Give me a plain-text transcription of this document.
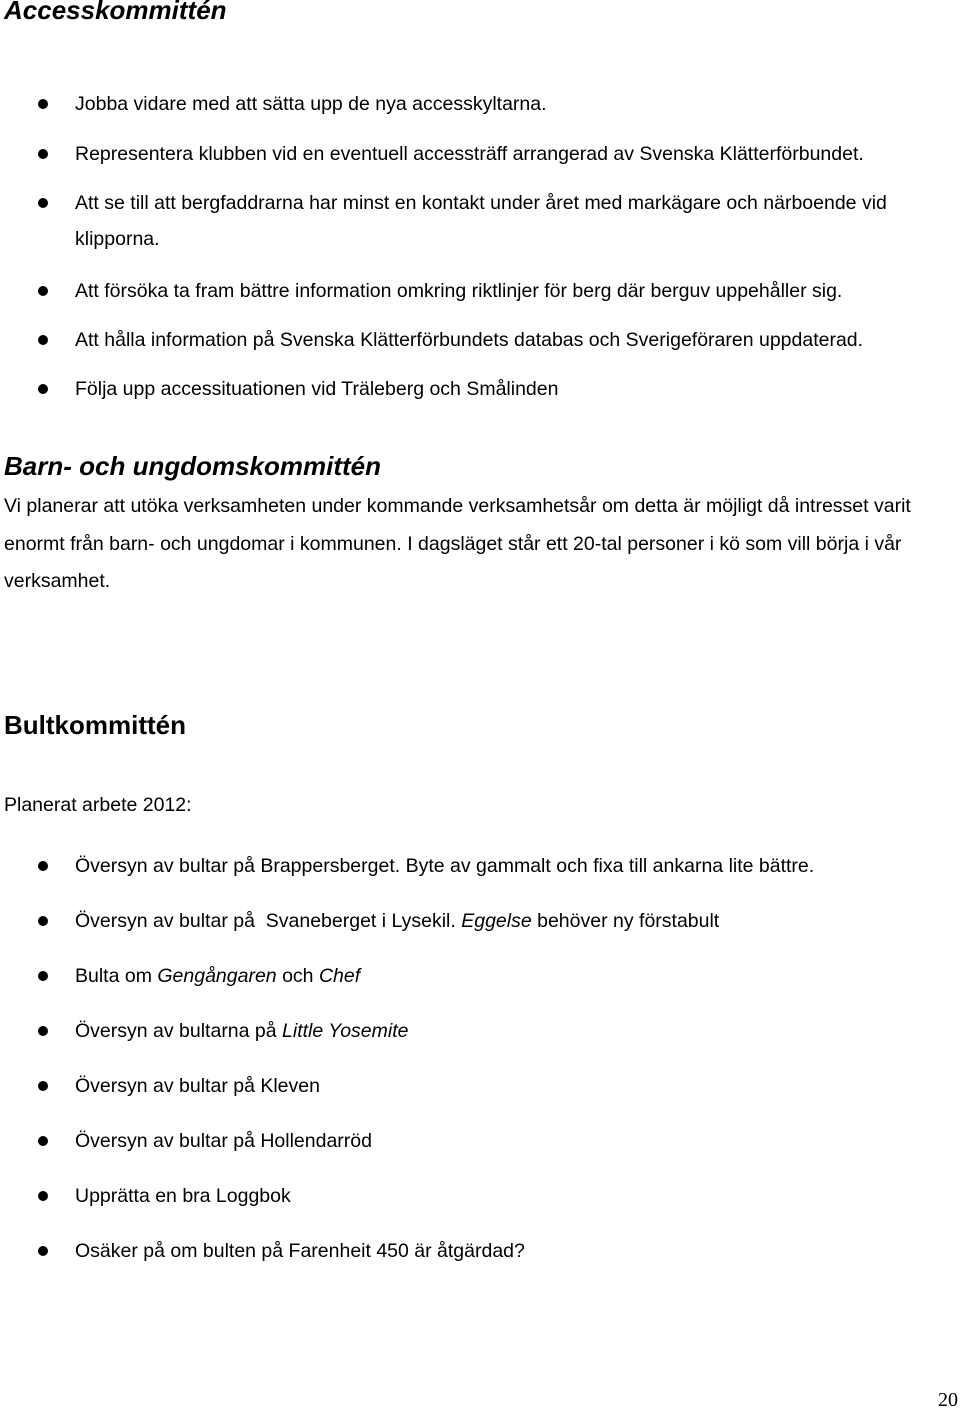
Accesskommittén
Jobba vidare med att sätta upp de nya accesskyltarna.
Representera klubben vid en eventuell accessträff arrangerad av Svenska Klätterförbundet.
Att se till att bergfaddrarna har minst en kontakt under året med markägare och närboende vid klipporna.
Att försöka ta fram bättre information omkring riktlinjer för berg där berguv uppehåller sig.
Att hålla information på Svenska Klätterförbundets databas och Sverigeföraren uppdaterad.
Följa upp accessituationen vid Träleberg och Smålinden
Barn- och ungdomskommittén

Vi planerar att utöka verksamheten under kommande verksamhetsår om detta är möjligt då intresset varit enormt från barn- och ungdomar i kommunen. I dagsläget står ett 20-tal personer i kö som vill börja i vår verksamhet.

Bultkommittén

Planerat arbete 2012:

Översyn av bultar på Brappersberget. Byte av gammalt och fixa till ankarna lite bättre.
Översyn av bultar på  Svaneberget i Lysekil. Eggelse behöver ny förstabult
Bulta om Gengångaren och Chef
Översyn av bultarna på Little Yosemite
Översyn av bultar på Kleven
Översyn av bultar på Hollendarröd
Upprätta en bra Loggbok
Osäker på om bulten på Farenheit 450 är åtgärdad?

20
